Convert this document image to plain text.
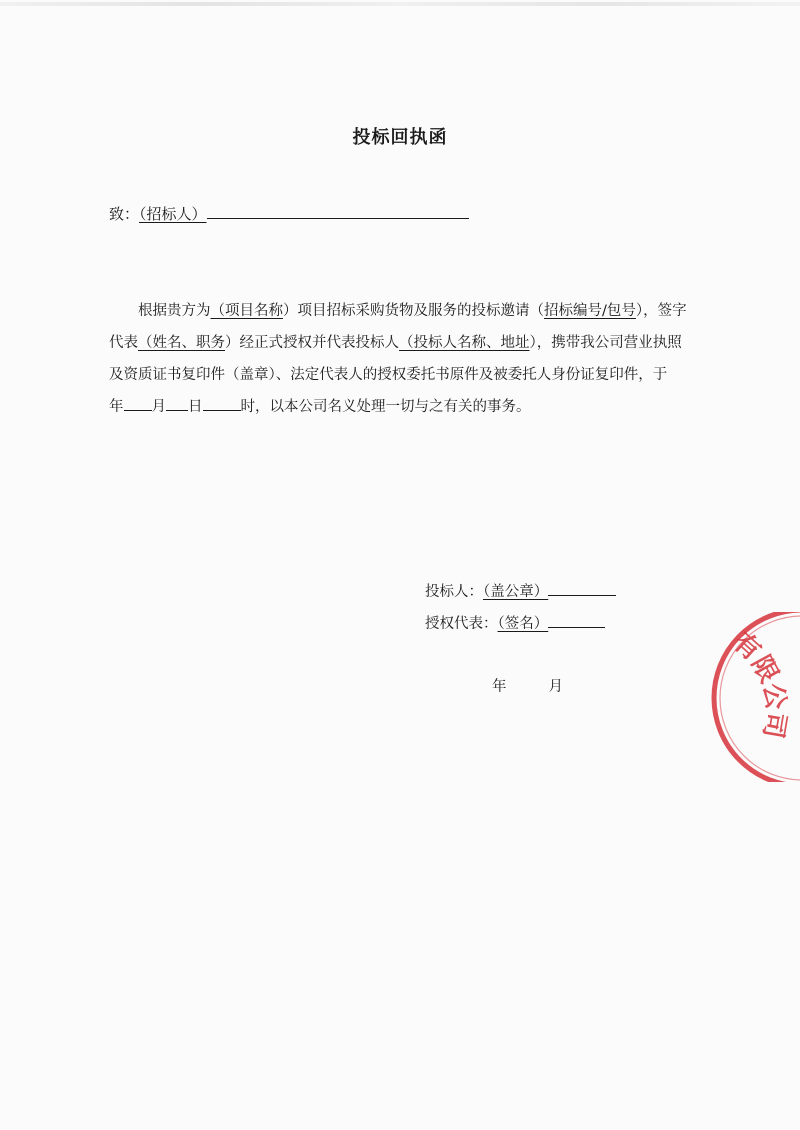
投标回执函
致：（招标人）
根据贵方为（项目名称）项目招标采购货物及服务的投标邀请（招标编号/包号），签字
代表（姓名、职务）经正式授权并代表投标人（投标人名称、地址），携带我公司营业执照
及资质证书复印件（盖章）、法定代表人的授权委托书原件及被委托人身份证复印件，于
年 月 日	时，以本公司名义处理一切与之有关的事务。
投标人：（盖公章）
授权代表：（签名）
年	月
有限公司
